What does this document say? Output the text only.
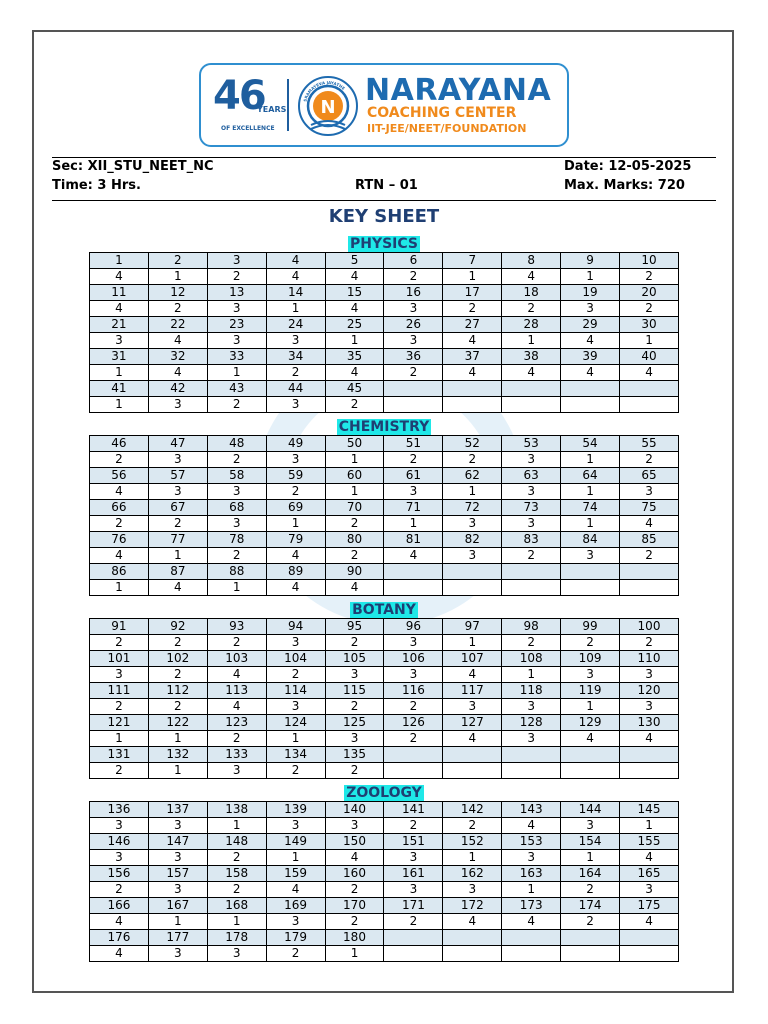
46
YEARS
OF EXCELLENCE
N
SRAMAYEVA JAYATHE NARAYANA
COACHING CENTER
IIT-JEE/NEET/FOUNDATION
Sec: XII_STU_NEET_NC	Date: 12-05-2025
Time: 3 Hrs.	RTN – 01	Max. Marks: 720
KEY SHEET
PHYSICS
1	2	3	4	5	6	7	8	9	10
4	1	2	4	4	2	1	4	1	2
11	12	13	14	15	16	17	18	19	20
4	2	3	1	4	3	2	2	3	2
21	22	23	24	25	26	27	28	29	30
3	4	3	3	1	3	4	1	4	1
31	32	33	34	35	36	37	38	39	40
1	4	1	2	4	2	4	4	4	4
41	42	43	44	45					
1	3	2	3	2					
CHEMISTRY
46	47	48	49	50	51	52	53	54	55
2	3	2	3	1	2	2	3	1	2
56	57	58	59	60	61	62	63	64	65
4	3	3	2	1	3	1	3	1	3
66	67	68	69	70	71	72	73	74	75
2	2	3	1	2	1	3	3	1	4
76	77	78	79	80	81	82	83	84	85
4	1	2	4	2	4	3	2	3	2
86	87	88	89	90					
1	4	1	4	4					
BOTANY
91	92	93	94	95	96	97	98	99	100
2	2	2	3	2	3	1	2	2	2
101	102	103	104	105	106	107	108	109	110
3	2	4	2	3	3	4	1	3	3
111	112	113	114	115	116	117	118	119	120
2	2	4	3	2	2	3	3	1	3
121	122	123	124	125	126	127	128	129	130
1	1	2	1	3	2	4	3	4	4
131	132	133	134	135					
2	1	3	2	2					
ZOOLOGY
136	137	138	139	140	141	142	143	144	145
3	3	1	3	3	2	2	4	3	1
146	147	148	149	150	151	152	153	154	155
3	3	2	1	4	3	1	3	1	4
156	157	158	159	160	161	162	163	164	165
2	3	2	4	2	3	3	1	2	3
166	167	168	169	170	171	172	173	174	175
4	1	1	3	2	2	4	4	2	4
176	177	178	179	180					
4	3	3	2	1					
